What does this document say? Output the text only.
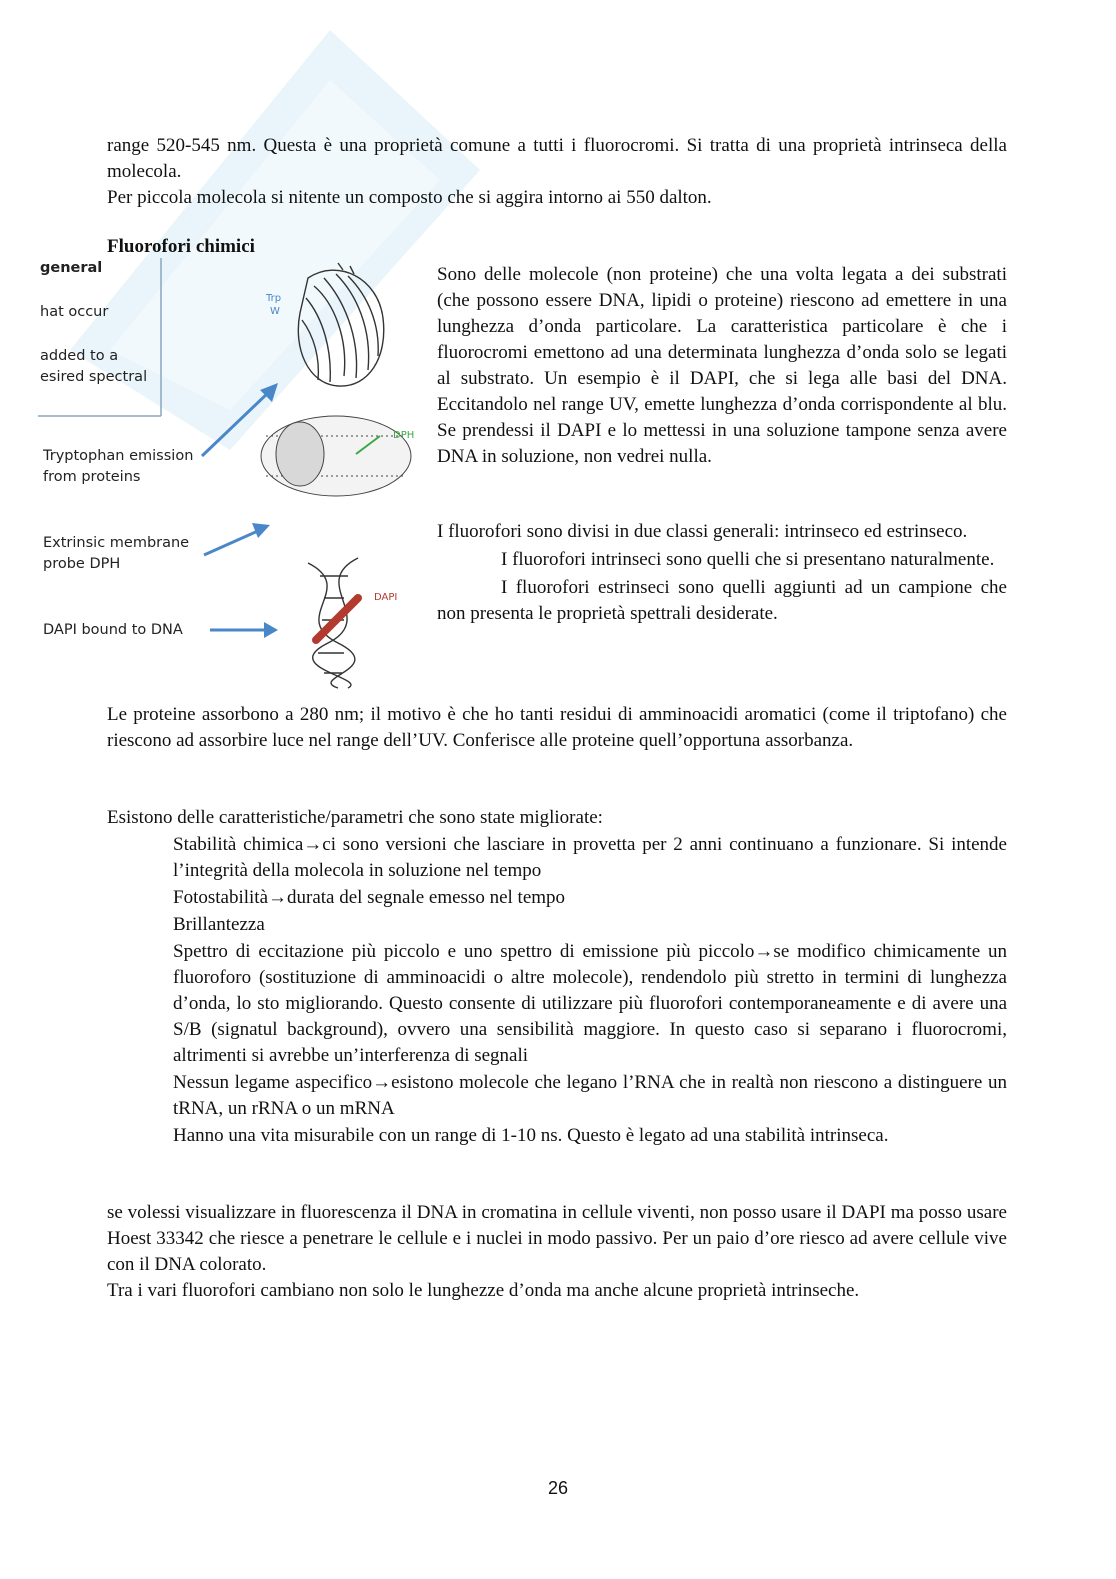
range 520-545 nm. Questa è una proprietà comune a tutti i fluorocromi. Si tratta di una proprietà intrinseca della molecola.

Per piccola molecola si nitente un composto che si aggira intorno ai 550 dalton.

Fluorofori chimici
general
hat occur
added to a
esired spectral
Trp
W
DPH
DAPI
Tryptophan emission
from proteins
Extrinsic membrane
probe DPH
DAPI bound to DNA

Sono delle molecole (non proteine) che una volta legata a dei substrati (che possono essere DNA, lipidi o proteine) riescono ad emettere in una lunghezza d’onda particolare. La caratteristica particolare è che i fluorocromi emettono ad una determinata lunghezza d’onda solo se legati al substrato. Un esempio è il DAPI, che si lega alle basi del DNA. Eccitandolo nel range UV, emette lunghezza d’onda corrispondente al blu. Se prendessi il DAPI e lo mettessi in una soluzione tampone senza avere DNA in soluzione, non vedrei nulla.

I fluorofori sono divisi in due classi generali: intrinseco ed estrinseco.

I fluorofori intrinseci sono quelli che si presentano naturalmente.

I fluorofori estrinseci sono quelli aggiunti ad un campione che non presenta le proprietà spettrali desiderate.

Le proteine assorbono a 280 nm; il motivo è che ho tanti residui di amminoacidi aromatici (come il triptofano) che riescono ad assorbire luce nel range dell’UV. Conferisce alle proteine quell’opportuna assorbanza.

Esistono delle caratteristiche/parametri che sono state migliorate:
Stabilità chimica→ci sono versioni che lasciare in provetta per 2 anni continuano a funzionare. Si intende l’integrità della molecola in soluzione nel tempo
Fotostabilità→durata del segnale emesso nel tempo
Brillantezza
Spettro di eccitazione più piccolo e uno spettro di emissione più piccolo→se modifico chimicamente un fluoroforo (sostituzione di amminoacidi o altre molecole), rendendolo più stretto in termini di lunghezza d’onda, lo sto migliorando. Questo consente di utilizzare più fluorofori contemporaneamente e di avere una S/B (signatul background), ovvero una sensibilità maggiore. In questo caso si separano i fluorocromi, altrimenti si avrebbe un’interferenza di segnali
Nessun legame aspecifico→esistono molecole che legano l’RNA che in realtà non riescono a distinguere un tRNA, un rRNA o un mRNA
Hanno una vita misurabile con un range di 1-10 ns. Questo è legato ad una stabilità intrinseca.

se volessi visualizzare in fluorescenza il DNA in cromatina in cellule viventi, non posso usare il DAPI ma posso usare Hoest 33342 che riesce a penetrare le cellule e i nuclei in modo passivo. Per un paio d’ore riesco ad avere cellule vive con il DNA colorato.

Tra i vari fluorofori cambiano non solo le lunghezze d’onda ma anche alcune proprietà intrinseche.

26
